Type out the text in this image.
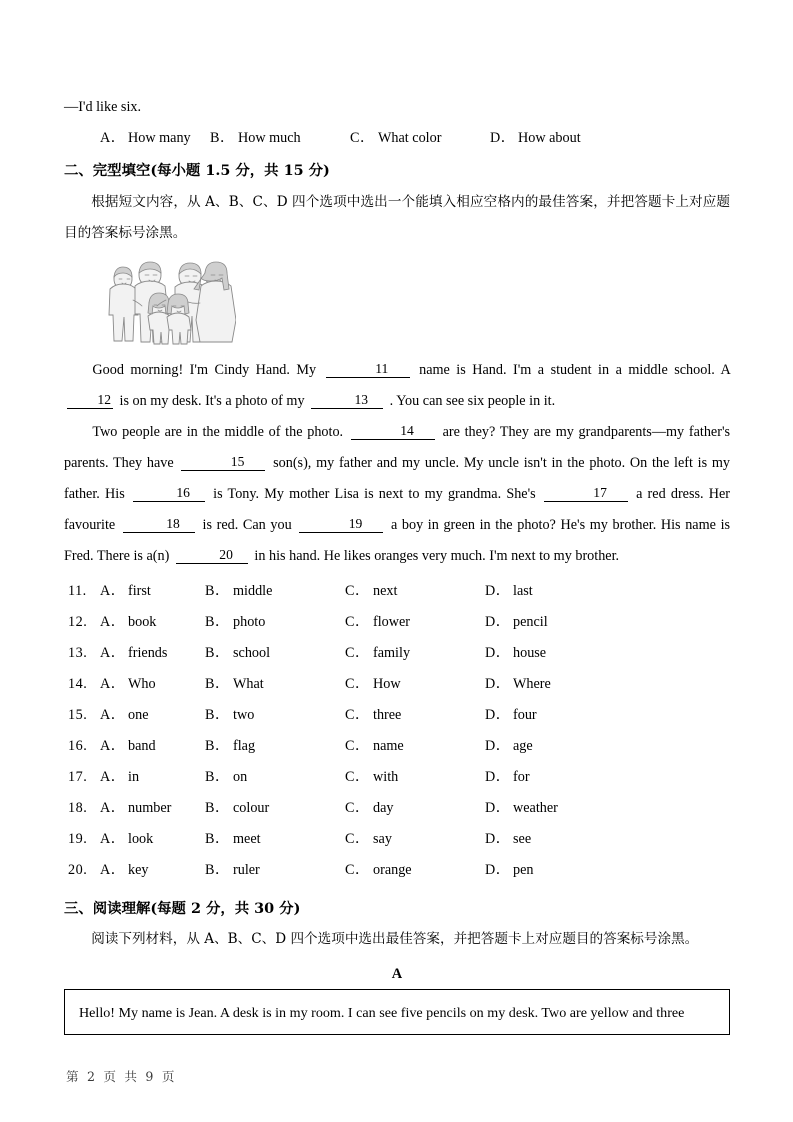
—I'd like six.
A． How many B． How much	C． What color	D． How about
二、完型填空(每小题 1.5 分，共 15 分)
根据短文内容，从 A、B、C、D 四个选项中选出一个能填入相应空格内的最佳答案，并把答题卡上对应题目的答案标号涂黑。
Good morning! I'm Cindy Hand. My	11 name is Hand. I'm a student in a middle school. A 12 is on my desk. It's a photo of my	13 . You can see six people in it.
Two people are in the middle of the photo.	14 are they? They are my grandparents—my father's parents. They have	15 son(s), my father and my uncle. My uncle isn't in the photo. On the left is my father. His	16 is Tony. My mother Lisa is next to my grandma. She's	17 a red dress. Her favourite	18 is red. Can you	19 a boy in green in the photo? He's my brother. His name is Fred. There is a(n)	20 in his hand. He likes oranges very much. I'm next to my brother.
11. A． first	B． middle	C． next	D． last
12. A． book	B． photo	C． flower	D． pencil
13. A． friends	B． school	C． family	D． house
14. A． Who	B． What	C． How	D． Where
15. A． one	B． two	C． three	D． four
16. A． band	B． flag	C． name	D． age
17. A． in	B． on	C． with	D． for
18. A． number B． colour	C． day	D． weather
19. A． look	B． meet	C． say	D． see
20. A． key	B． ruler	C． orange	D． pen
三、阅读理解(每题 2 分，共 30 分)
阅读下列材料，从 A、B、C、D 四个选项中选出最佳答案，并把答题卡上对应题目的答案标号涂黑。
A
Hello! My name is Jean. A desk is in my room. I can see five pencils on my desk. Two are yellow and three
第 2 页 共 9 页
